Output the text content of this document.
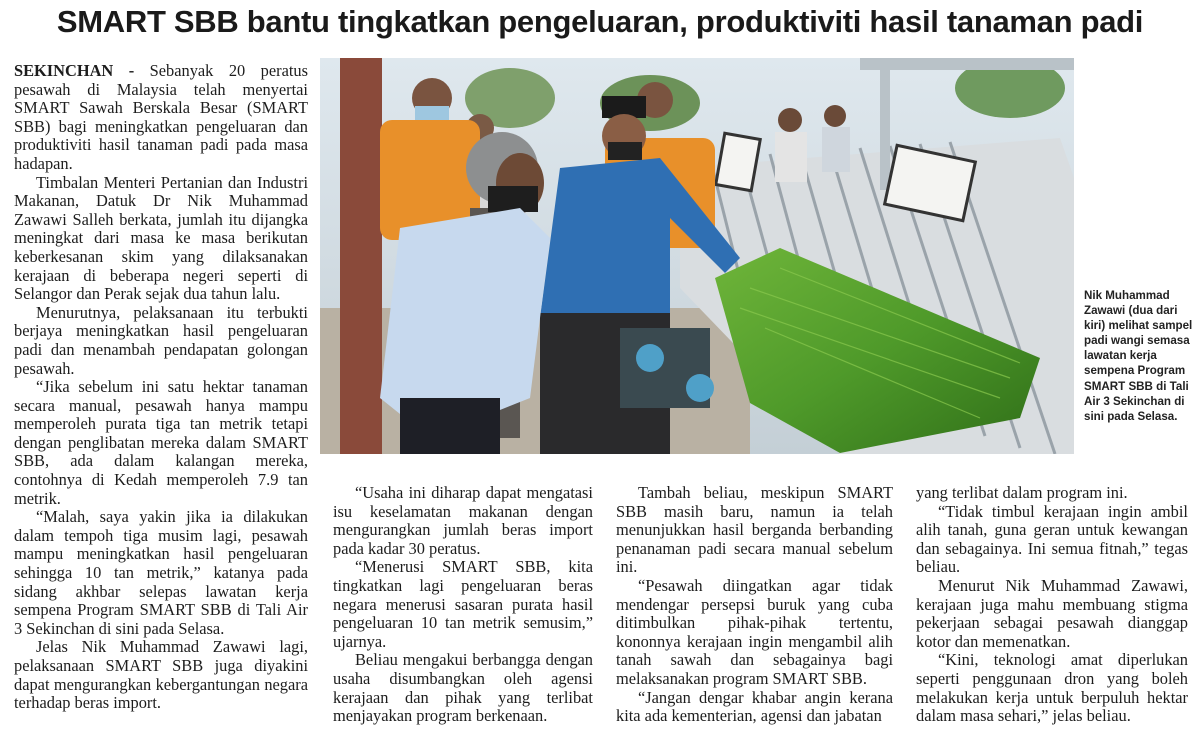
SMART SBB bantu tingkatkan pengeluaran, produktiviti hasil tanaman padi

SEKINCHAN - Sebanyak 20 peratus pesawah di Malaysia telah menyertai SMART Sawah Berskala Besar (SMART SBB) bagi meningkatkan pengeluaran dan produktiviti hasil tanaman padi pada masa hadapan.

Timbalan Menteri Pertanian dan Industri Makanan, Datuk Dr Nik Muhammad Zawawi Salleh berkata, jumlah itu dijangka meningkat dari masa ke masa berikutan keberkesanan skim yang dilaksanakan kerajaan di beberapa negeri seperti di Selangor dan Perak sejak dua tahun lalu.

Menurutnya, pelaksanaan itu terbukti berjaya meningkatkan hasil pengeluaran padi dan menambah pendapatan golongan pesawah.

“Jika sebelum ini satu hektar tanaman secara manual, pesawah hanya mampu memperoleh purata tiga tan metrik tetapi dengan penglibatan mereka dalam SMART SBB, ada dalam kalangan mereka, contohnya di Kedah memperoleh 7.9 tan metrik.

“Malah, saya yakin jika ia dilakukan dalam tempoh tiga musim lagi, pesawah mampu meningkatkan hasil pengeluaran sehingga 10 tan metrik,” katanya pada sidang akhbar selepas lawatan kerja sempena Program SMART SBB di Tali Air 3 Sekinchan di sini pada Selasa.

Jelas Nik Muhammad Zawawi lagi, pelaksanaan SMART SBB juga diyakini dapat mengurangkan kebergantungan negara terhadap beras import.

Nik Muhammad Zawawi (dua dari kiri) melihat sampel padi wangi semasa lawatan kerja sempena Program SMART SBB di Tali Air 3 Sekinchan di sini pada Selasa.

“Usaha ini diharap dapat mengatasi isu keselamatan makanan dengan mengurangkan jumlah beras import pada kadar 30 peratus.

“Menerusi SMART SBB, kita tingkatkan lagi pengeluaran beras negara menerusi sasaran purata hasil pengeluaran 10 tan metrik semusim,” ujarnya.

Beliau mengakui berbangga dengan usaha disumbangkan oleh agensi kerajaan dan pihak yang terlibat menjayakan program berkenaan.

Tambah beliau, meskipun SMART SBB masih baru, namun ia telah menunjukkan hasil berganda berbanding penanaman padi secara manual sebelum ini.

“Pesawah diingatkan agar tidak mendengar persepsi buruk yang cuba ditimbulkan pihak-pihak tertentu, kononnya kerajaan ingin mengambil alih tanah sawah dan sebagainya bagi melaksanakan program SMART SBB.

“Jangan dengar khabar angin kerana kita ada kementerian, agensi dan jabatan

yang terlibat dalam program ini.

“Tidak timbul kerajaan ingin ambil alih tanah, guna geran untuk kewangan dan sebagainya. Ini semua fitnah,” tegas beliau.

Menurut Nik Muhammad Zawawi, kerajaan juga mahu membuang stigma pekerjaan sebagai pesawah dianggap kotor dan memenatkan.

“Kini, teknologi amat diperlukan seperti penggunaan dron yang boleh melakukan kerja untuk berpuluh hektar dalam masa sehari,” jelas beliau.
